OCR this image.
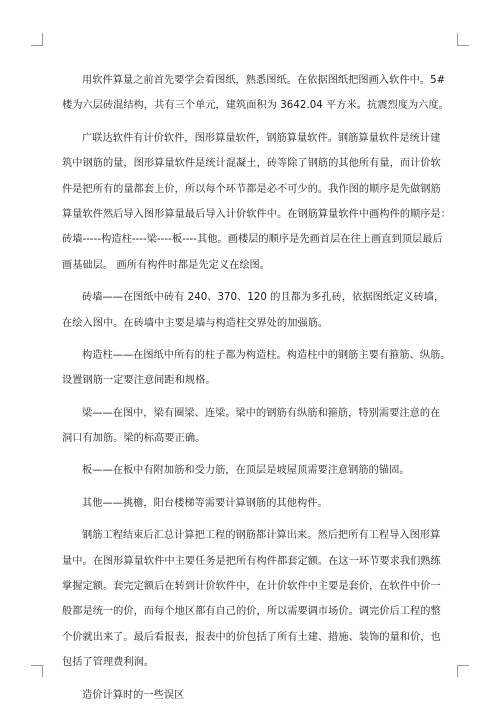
用软件算量之前首先要学会看图纸，熟悉图纸。在依据图纸把图画入软件中。5#
楼为六层砖混结构，共有三个单元，建筑面积为 3642.04 平方米。抗震烈度为六度。
广联达软件有计价软件，图形算量软件，钢筋算量软件。钢筋算量软件是统计建
筑中钢筋的量，图形算量软件是统计混凝土，砖等除了钢筋的其他所有量，而计价软
件是把所有的量都套上价，所以每个环节都是必不可少的。我作图的顺序是先做钢筋
算量软件然后导入图形算量最后导入计价软件中。在钢筋算量软件中画构件的顺序是：
砖墙-----构造柱----梁----板----其他。画楼层的顺序是先画首层在往上画直到顶层最后
画基础层。 画所有构件时都是先定义在绘图。
砖墙——在图纸中砖有 240、370、120 的且都为多孔砖，依据图纸定义砖墙，
在绘入图中。在砖墙中主要是墙与构造柱交界处的加强筋。
构造柱——在图纸中所有的柱子都为构造柱。构造柱中的钢筋主要有箍筋、纵筋。
设置钢筋一定要注意间距和规格。
梁——在图中，梁有圈梁、连梁。梁中的钢筋有纵筋和箍筋，特别需要注意的在
洞口有加筋。梁的标高要正确。
板——在板中有附加筋和受力筋，在顶层是坡屋顶需要注意钢筋的锚固。
其他——挑檐，阳台楼梯等需要计算钢筋的其他构件。
钢筋工程结束后汇总计算把工程的钢筋都计算出来。然后把所有工程导入图形算
量中。在图形算量软件中主要任务是把所有构件都套定额。在这一环节要求我们熟练
掌握定额。套完定额后在转到计价软件中，在计价软件中主要是套价，在软件中价一
般都是统一的价，而每个地区都有自己的价，所以需要调市场价。调完价后工程的整
个价就出来了。最后看报表，报表中的价包括了所有土建、措施、装饰的量和价，也
包括了管理费利润。
造价计算时的一些误区
